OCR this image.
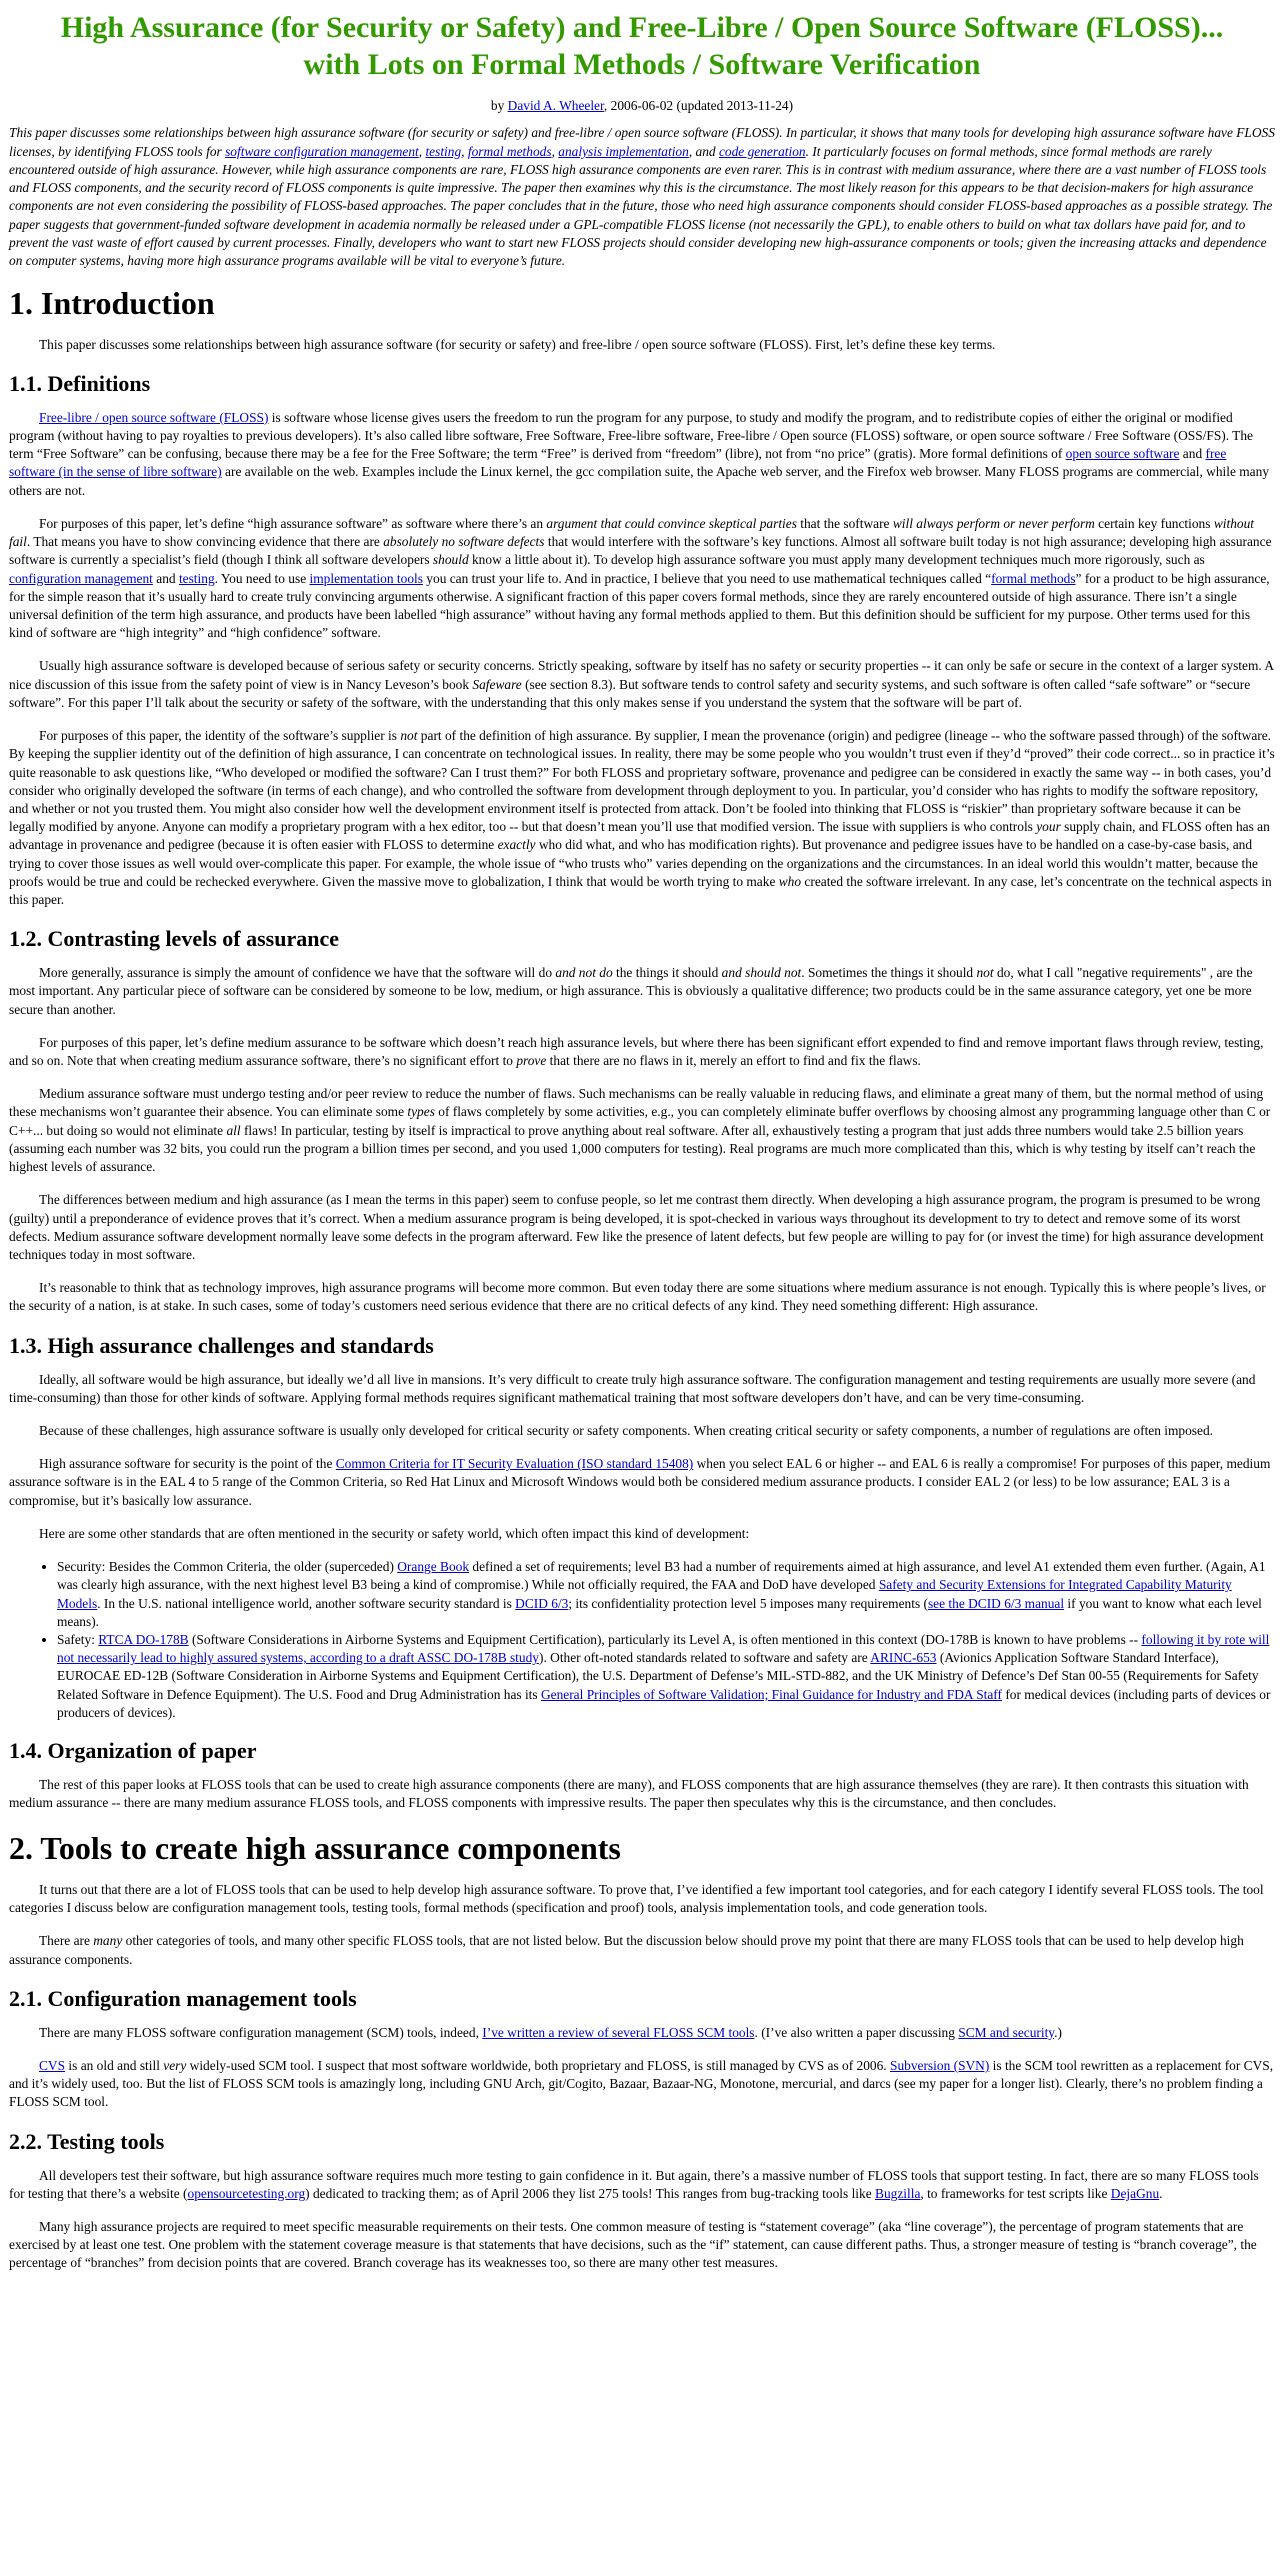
High Assurance (for Security or Safety) and Free-Libre / Open Source Software (FLOSS)...
with Lots on Formal Methods / Software Verification
by David A. Wheeler, 2006-06-02 (updated 2013-11-24)
This paper discusses some relationships between high assurance software (for security or safety) and free-libre / open source software (FLOSS). In particular, it shows that many tools for developing high assurance software have FLOSS licenses, by identifying FLOSS tools for software configuration management, testing, formal methods, analysis implementation, and code generation. It particularly focuses on formal methods, since formal methods are rarely encountered outside of high assurance. However, while high assurance components are rare, FLOSS high assurance components are even rarer. This is in contrast with medium assurance, where there are a vast number of FLOSS tools and FLOSS components, and the security record of FLOSS components is quite impressive. The paper then examines why this is the circumstance. The most likely reason for this appears to be that decision-makers for high assurance components are not even considering the possibility of FLOSS-based approaches. The paper concludes that in the future, those who need high assurance components should consider FLOSS-based approaches as a possible strategy. The paper suggests that government-funded software development in academia normally be released under a GPL-compatible FLOSS license (not necessarily the GPL), to enable others to build on what tax dollars have paid for, and to prevent the vast waste of effort caused by current processes. Finally, developers who want to start new FLOSS projects should consider developing new high-assurance components or tools; given the increasing attacks and dependence on computer systems, having more high assurance programs available will be vital to everyone’s future.
1. Introduction

This paper discusses some relationships between high assurance software (for security or safety) and free-libre / open source software (FLOSS). First, let’s define these key terms.

1.1. Definitions

Free-libre / open source software (FLOSS) is software whose license gives users the freedom to run the program for any purpose, to study and modify the program, and to redistribute copies of either the original or modified program (without having to pay royalties to previous developers). It’s also called libre software, Free Software, Free-libre software, Free-libre / Open source (FLOSS) software, or open source software / Free Software (OSS/FS). The term “Free Software” can be confusing, because there may be a fee for the Free Software; the term “Free” is derived from “freedom” (libre), not from “no price” (gratis). More formal definitions of open source software and free software (in the sense of libre software) are available on the web. Examples include the Linux kernel, the gcc compilation suite, the Apache web server, and the Firefox web browser. Many FLOSS programs are commercial, while many others are not.

For purposes of this paper, let’s define “high assurance software” as software where there’s an argument that could convince skeptical parties that the software will always perform or never perform certain key functions without fail. That means you have to show convincing evidence that there are absolutely no software defects that would interfere with the software’s key functions. Almost all software built today is not high assurance; developing high assurance software is currently a specialist’s field (though I think all software developers should know a little about it). To develop high assurance software you must apply many development techniques much more rigorously, such as configuration management and testing. You need to use implementation tools you can trust your life to. And in practice, I believe that you need to use mathematical techniques called “formal methods” for a product to be high assurance, for the simple reason that it’s usually hard to create truly convincing arguments otherwise. A significant fraction of this paper covers formal methods, since they are rarely encountered outside of high assurance. There isn’t a single universal definition of the term high assurance, and products have been labelled “high assurance” without having any formal methods applied to them. But this definition should be sufficient for my purpose. Other terms used for this kind of software are “high integrity” and “high confidence” software.

Usually high assurance software is developed because of serious safety or security concerns. Strictly speaking, software by itself has no safety or security properties -- it can only be safe or secure in the context of a larger system. A nice discussion of this issue from the safety point of view is in Nancy Leveson’s book Safeware (see section 8.3). But software tends to control safety and security systems, and such software is often called “safe software” or “secure software”. For this paper I’ll talk about the security or safety of the software, with the understanding that this only makes sense if you understand the system that the software will be part of.

For purposes of this paper, the identity of the software’s supplier is not part of the definition of high assurance. By supplier, I mean the provenance (origin) and pedigree (lineage -- who the software passed through) of the software. By keeping the supplier identity out of the definition of high assurance, I can concentrate on technological issues. In reality, there may be some people who you wouldn’t trust even if they’d “proved” their code correct... so in practice it’s quite reasonable to ask questions like, “Who developed or modified the software? Can I trust them?” For both FLOSS and proprietary software, provenance and pedigree can be considered in exactly the same way -- in both cases, you’d consider who originally developed the software (in terms of each change), and who controlled the software from development through deployment to you. In particular, you’d consider who has rights to modify the software repository, and whether or not you trusted them. You might also consider how well the development environment itself is protected from attack. Don’t be fooled into thinking that FLOSS is “riskier” than proprietary software because it can be legally modified by anyone. Anyone can modify a proprietary program with a hex editor, too -- but that doesn’t mean you’ll use that modified version. The issue with suppliers is who controls your supply chain, and FLOSS often has an advantage in provenance and pedigree (because it is often easier with FLOSS to determine exactly who did what, and who has modification rights). But provenance and pedigree issues have to be handled on a case-by-case basis, and trying to cover those issues as well would over-complicate this paper. For example, the whole issue of “who trusts who” varies depending on the organizations and the circumstances. In an ideal world this wouldn’t matter, because the proofs would be true and could be rechecked everywhere. Given the massive move to globalization, I think that would be worth trying to make who created the software irrelevant. In any case, let’s concentrate on the technical aspects in this paper.

1.2. Contrasting levels of assurance

More generally, assurance is simply the amount of confidence we have that the software will do and not do the things it should and should not. Sometimes the things it should not do, what I call "negative requirements" , are the most important. Any particular piece of software can be considered by someone to be low, medium, or high assurance. This is obviously a qualitative difference; two products could be in the same assurance category, yet one be more secure than another.

For purposes of this paper, let’s define medium assurance to be software which doesn’t reach high assurance levels, but where there has been significant effort expended to find and remove important flaws through review, testing, and so on. Note that when creating medium assurance software, there’s no significant effort to prove that there are no flaws in it, merely an effort to find and fix the flaws.

Medium assurance software must undergo testing and/or peer review to reduce the number of flaws. Such mechanisms can be really valuable in reducing flaws, and eliminate a great many of them, but the normal method of using these mechanisms won’t guarantee their absence. You can eliminate some types of flaws completely by some activities, e.g., you can completely eliminate buffer overflows by choosing almost any programming language other than C or C++... but doing so would not eliminate all flaws! In particular, testing by itself is impractical to prove anything about real software. After all, exhaustively testing a program that just adds three numbers would take 2.5 billion years (assuming each number was 32 bits, you could run the program a billion times per second, and you used 1,000 computers for testing). Real programs are much more complicated than this, which is why testing by itself can’t reach the highest levels of assurance.

The differences between medium and high assurance (as I mean the terms in this paper) seem to confuse people, so let me contrast them directly. When developing a high assurance program, the program is presumed to be wrong (guilty) until a preponderance of evidence proves that it’s correct. When a medium assurance program is being developed, it is spot-checked in various ways throughout its development to try to detect and remove some of its worst defects. Medium assurance software development normally leave some defects in the program afterward. Few like the presence of latent defects, but few people are willing to pay for (or invest the time) for high assurance development techniques today in most software.

It’s reasonable to think that as technology improves, high assurance programs will become more common. But even today there are some situations where medium assurance is not enough. Typically this is where people’s lives, or the security of a nation, is at stake. In such cases, some of today’s customers need serious evidence that there are no critical defects of any kind. They need something different: High assurance.

1.3. High assurance challenges and standards

Ideally, all software would be high assurance, but ideally we’d all live in mansions. It’s very difficult to create truly high assurance software. The configuration management and testing requirements are usually more severe (and time-consuming) than those for other kinds of software. Applying formal methods requires significant mathematical training that most software developers don’t have, and can be very time-consuming.

Because of these challenges, high assurance software is usually only developed for critical security or safety components. When creating critical security or safety components, a number of regulations are often imposed.

High assurance software for security is the point of the Common Criteria for IT Security Evaluation (ISO standard 15408) when you select EAL 6 or higher -- and EAL 6 is really a compromise! For purposes of this paper, medium assurance software is in the EAL 4 to 5 range of the Common Criteria, so Red Hat Linux and Microsoft Windows would both be considered medium assurance products. I consider EAL 2 (or less) to be low assurance; EAL 3 is a compromise, but it’s basically low assurance.

Here are some other standards that are often mentioned in the security or safety world, which often impact this kind of development:

• Security: Besides the Common Criteria, the older (superceded) Orange Book defined a set of requirements; level B3 had a number of requirements aimed at high assurance, and level A1 extended them even further. (Again, A1 was clearly high assurance, with the next highest level B3 being a kind of compromise.) While not officially required, the FAA and DoD have developed Safety and Security Extensions for Integrated Capability Maturity Models. In the U.S. national intelligence world, another software security standard is DCID 6/3; its confidentiality protection level 5 imposes many requirements (see the DCID 6/3 manual if you want to know what each level means).
• Safety: RTCA DO-178B (Software Considerations in Airborne Systems and Equipment Certification), particularly its Level A, is often mentioned in this context (DO-178B is known to have problems -- following it by rote will not necessarily lead to highly assured systems, according to a draft ASSC DO-178B study). Other oft-noted standards related to software and safety are ARINC-653 (Avionics Application Software Standard Interface), EUROCAE ED-12B (Software Consideration in Airborne Systems and Equipment Certification), the U.S. Department of Defense’s MIL-STD-882, and the UK Ministry of Defence’s Def Stan 00-55 (Requirements for Safety Related Software in Defence Equipment). The U.S. Food and Drug Administration has its General Principles of Software Validation; Final Guidance for Industry and FDA Staff for medical devices (including parts of devices or producers of devices).
1.4. Organization of paper

The rest of this paper looks at FLOSS tools that can be used to create high assurance components (there are many), and FLOSS components that are high assurance themselves (they are rare). It then contrasts this situation with medium assurance -- there are many medium assurance FLOSS tools, and FLOSS components with impressive results. The paper then speculates why this is the circumstance, and then concludes.

2. Tools to create high assurance components

It turns out that there are a lot of FLOSS tools that can be used to help develop high assurance software. To prove that, I’ve identified a few important tool categories, and for each category I identify several FLOSS tools. The tool categories I discuss below are configuration management tools, testing tools, formal methods (specification and proof) tools, analysis implementation tools, and code generation tools.

There are many other categories of tools, and many other specific FLOSS tools, that are not listed below. But the discussion below should prove my point that there are many FLOSS tools that can be used to help develop high assurance components.

2.1. Configuration management tools

There are many FLOSS software configuration management (SCM) tools, indeed, I’ve written a review of several FLOSS SCM tools. (I’ve also written a paper discussing SCM and security.)

CVS is an old and still very widely-used SCM tool. I suspect that most software worldwide, both proprietary and FLOSS, is still managed by CVS as of 2006. Subversion (SVN) is the SCM tool rewritten as a replacement for CVS, and it’s widely used, too. But the list of FLOSS SCM tools is amazingly long, including GNU Arch, git/Cogito, Bazaar, Bazaar-NG, Monotone, mercurial, and darcs (see my paper for a longer list). Clearly, there’s no problem finding a FLOSS SCM tool.

2.2. Testing tools

All developers test their software, but high assurance software requires much more testing to gain confidence in it. But again, there’s a massive number of FLOSS tools that support testing. In fact, there are so many FLOSS tools for testing that there’s a website (opensourcetesting.org) dedicated to tracking them; as of April 2006 they list 275 tools! This ranges from bug-tracking tools like Bugzilla, to frameworks for test scripts like DejaGnu.

Many high assurance projects are required to meet specific measurable requirements on their tests. One common measure of testing is “statement coverage” (aka “line coverage”), the percentage of program statements that are exercised by at least one test. One problem with the statement coverage measure is that statements that have decisions, such as the “if” statement, can cause different paths. Thus, a stronger measure of testing is “branch coverage”, the percentage of “branches” from decision points that are covered. Branch coverage has its weaknesses too, so there are many other test measures.
